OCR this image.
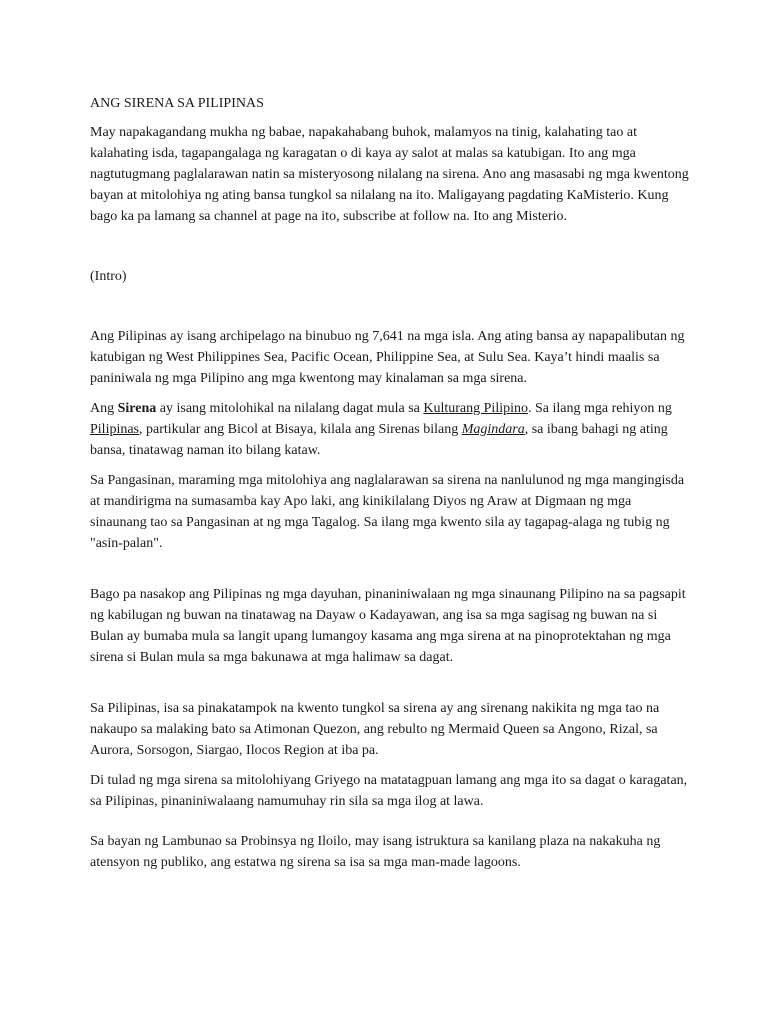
ANG SIRENA SA PILIPINAS

May napakagandang mukha ng babae, napakahabang buhok, malamyos na tinig, kalahating tao at kalahating isda, tagapangalaga ng karagatan o di kaya ay salot at malas sa katubigan. Ito ang mga nagtutugmang paglalarawan natin sa misteryosong nilalang na sirena. Ano ang masasabi ng mga kwentong bayan at mitolohiya ng ating bansa tungkol sa nilalang na ito. Maligayang pagdating KaMisterio. Kung bago ka pa lamang sa channel at page na ito, subscribe at follow na. Ito ang Misterio.

(Intro)

Ang Pilipinas ay isang archipelago na binubuo ng 7,641 na mga isla. Ang ating bansa ay napapalibutan ng katubigan ng West Philippines Sea, Pacific Ocean, Philippine Sea, at Sulu Sea. Kaya’t hindi maalis sa paniniwala ng mga Pilipino ang mga kwentong may kinalaman sa mga sirena.

Ang Sirena ay isang mitolohikal na nilalang dagat mula sa Kulturang Pilipino. Sa ilang mga rehiyon ng Pilipinas, partikular ang Bicol at Bisaya, kilala ang Sirenas bilang Magindara, sa ibang bahagi ng ating bansa, tinatawag naman ito bilang kataw.

Sa Pangasinan, maraming mga mitolohiya ang naglalarawan sa sirena na nanlulunod ng mga mangingisda at mandirigma na sumasamba kay Apo laki, ang kinikilalang Diyos ng Araw at Digmaan ng mga sinaunang tao sa Pangasinan at ng mga Tagalog. Sa ilang mga kwento sila ay tagapag-alaga ng tubig ng "asin-palan".

Bago pa nasakop ang Pilipinas ng mga dayuhan, pinaniniwalaan ng mga sinaunang Pilipino na sa pagsapit ng kabilugan ng buwan na tinatawag na Dayaw o Kadayawan, ang isa sa mga sagisag ng buwan na si Bulan ay bumaba mula sa langit upang lumangoy kasama ang mga sirena at na pinoprotektahan ng mga sirena si Bulan mula sa mga bakunawa at mga halimaw sa dagat.

Sa Pilipinas, isa sa pinakatampok na kwento tungkol sa sirena ay ang sirenang nakikita ng mga tao na nakaupo sa malaking bato sa Atimonan Quezon, ang rebulto ng Mermaid Queen sa Angono, Rizal, sa Aurora, Sorsogon, Siargao, Ilocos Region at iba pa.

Di tulad ng mga sirena sa mitolohiyang Griyego na matatagpuan lamang ang mga ito sa dagat o karagatan, sa Pilipinas, pinaniniwalaang namumuhay rin sila sa mga ilog at lawa.

Sa bayan ng Lambunao sa Probinsya ng Iloilo, may isang istruktura sa kanilang plaza na nakakuha ng atensyon ng publiko, ang estatwa ng sirena sa isa sa mga man-made lagoons.
